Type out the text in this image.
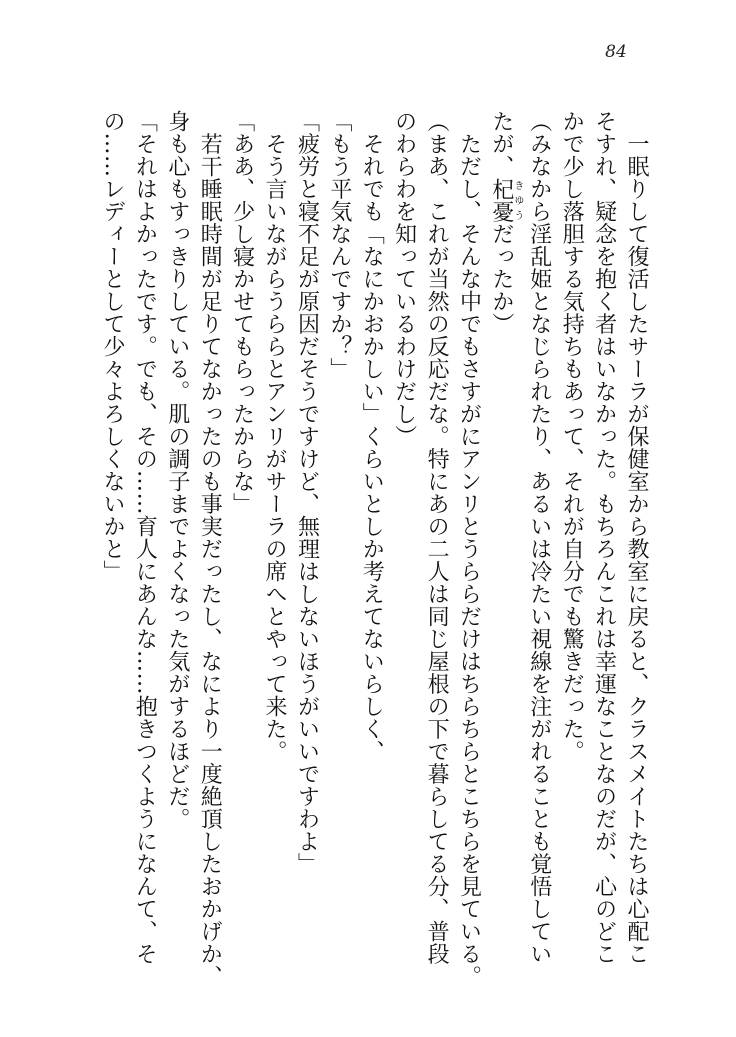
84
　一眠りして復活したサーラが保健室から教室に戻ると、クラスメイトたちは心配こ
そすれ、疑念を抱く者はいなかった。もちろんこれは幸運なことなのだが、心のどこ
かで少し落胆する気持ちもあって、それが自分でも驚きだった。
（みなから淫乱姫となじられたり、あるいは冷たい視線を注がれることも覚悟してい
たが、杞憂きゆうだったか）
　ただし、そんな中でもさすがにアンリとうららだけはちらちらとこちらを見ている。
（まあ、これが当然の反応だな。特にあの二人は同じ屋根の下で暮らしてる分、普段
のわらわを知っているわけだし）
　それでも「なにかおかしい」くらいとしか考えてないらしく、
「もう平気なんですか？」
「疲労と寝不足が原因だそうですけど、無理はしないほうがいいですわよ」
　そう言いながらうららとアンリがサーラの席へとやって来た。
「ああ、少し寝かせてもらったからな」
　若干睡眠時間が足りてなかったのも事実だったし、なにより一度絶頂したおかげか、
身も心もすっきりしている。肌の調子までよくなった気がするほどだ。
「それはよかったです。でも、その……育人にあんな……抱きつくようになんて、そ
の……レディーとして少々よろしくないかと」
